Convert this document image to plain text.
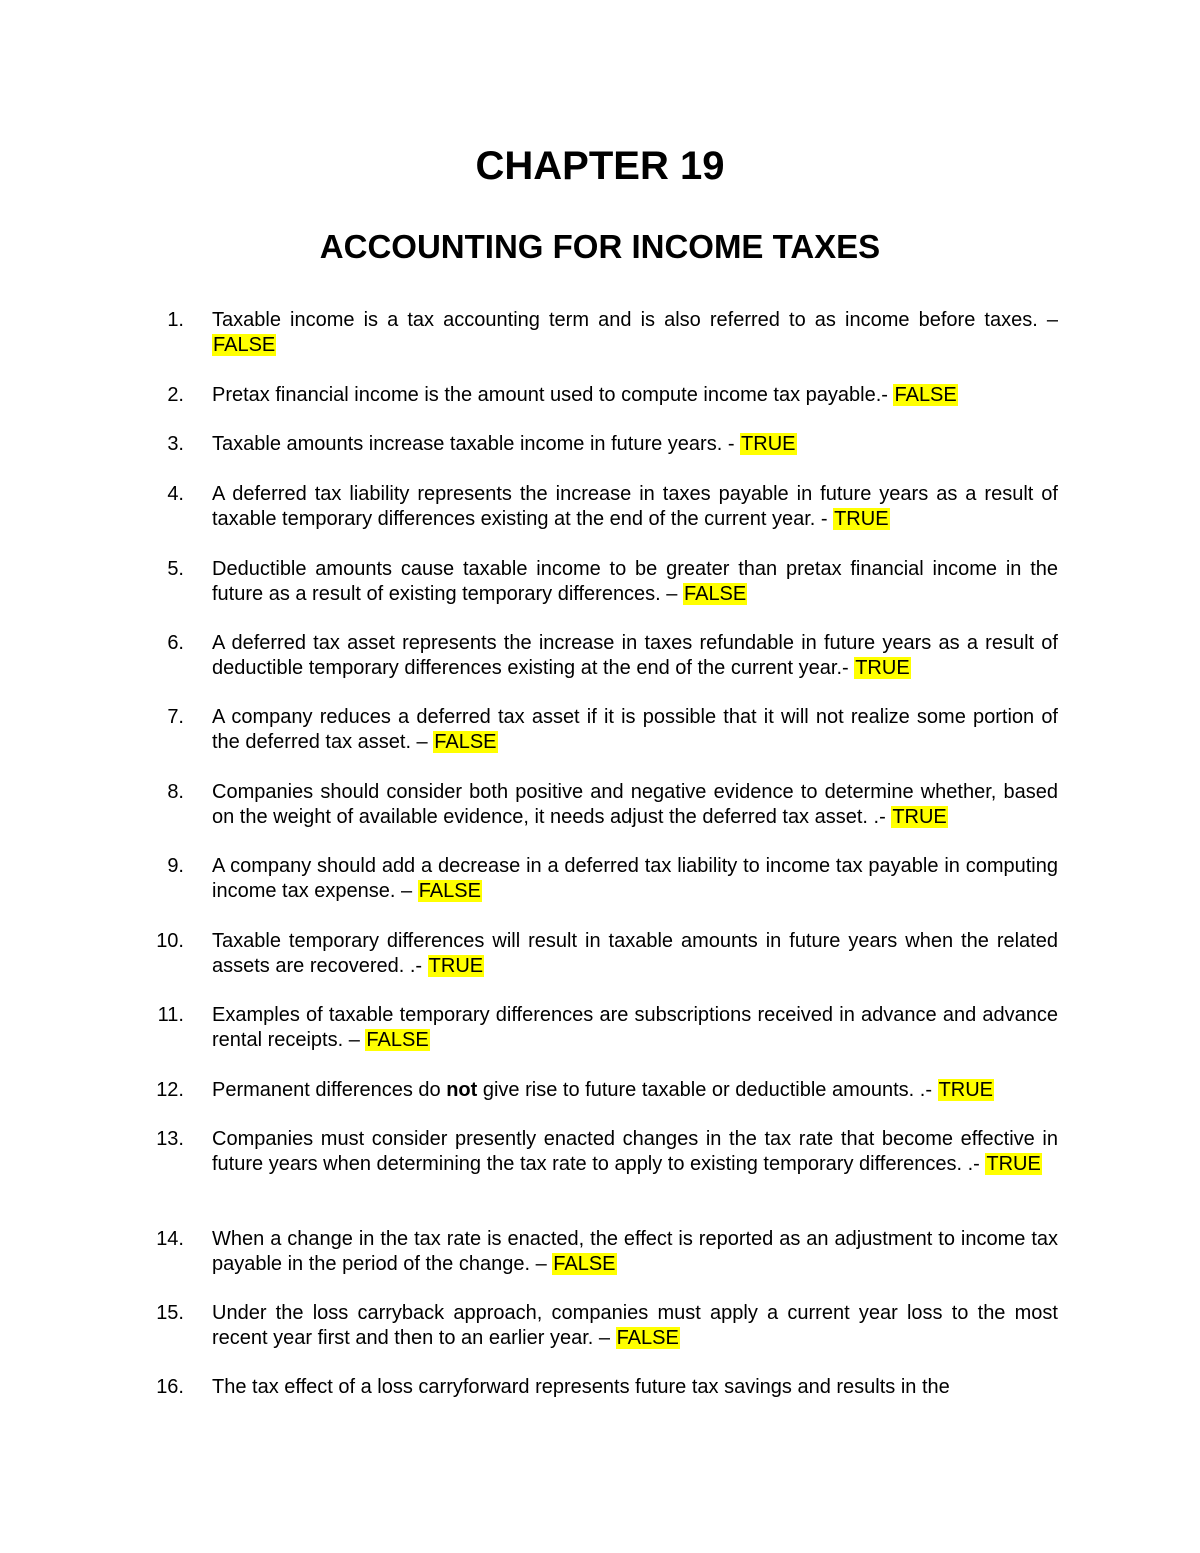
CHAPTER 19
ACCOUNTING FOR INCOME TAXES
1. Taxable income is a tax accounting term and is also referred to as income before taxes. – FALSE
2. Pretax financial income is the amount used to compute income tax payable.- FALSE
3. Taxable amounts increase taxable income in future years. - TRUE
4. A deferred tax liability represents the increase in taxes payable in future years as a result of taxable temporary differences existing at the end of the current year. - TRUE
5. Deductible amounts cause taxable income to be greater than pretax financial income in the future as a result of existing temporary differences. – FALSE
6. A deferred tax asset represents the increase in taxes refundable in future years as a result of deductible temporary differences existing at the end of the current year.- TRUE
7. A company reduces a deferred tax asset if it is possible that it will not realize some portion of the deferred tax asset. – FALSE
8. Companies should consider both positive and negative evidence to determine whether, based on the weight of available evidence, it needs adjust the deferred tax asset. .- TRUE
9. A company should add a decrease in a deferred tax liability to income tax payable in computing income tax expense. – FALSE
10. Taxable temporary differences will result in taxable amounts in future years when the related assets are recovered. .- TRUE
11. Examples of taxable temporary differences are subscriptions received in advance and advance rental receipts. – FALSE
12. Permanent differences do not give rise to future taxable or deductible amounts. .- TRUE
13. Companies must consider presently enacted changes in the tax rate that become effective in future years when determining the tax rate to apply to existing temporary differences. .- TRUE
14. When a change in the tax rate is enacted, the effect is reported as an adjustment to income tax payable in the period of the change. – FALSE
15. Under the loss carryback approach, companies must apply a current year loss to the most recent year first and then to an earlier year. – FALSE
16. The tax effect of a loss carryforward represents future tax savings and results in the
